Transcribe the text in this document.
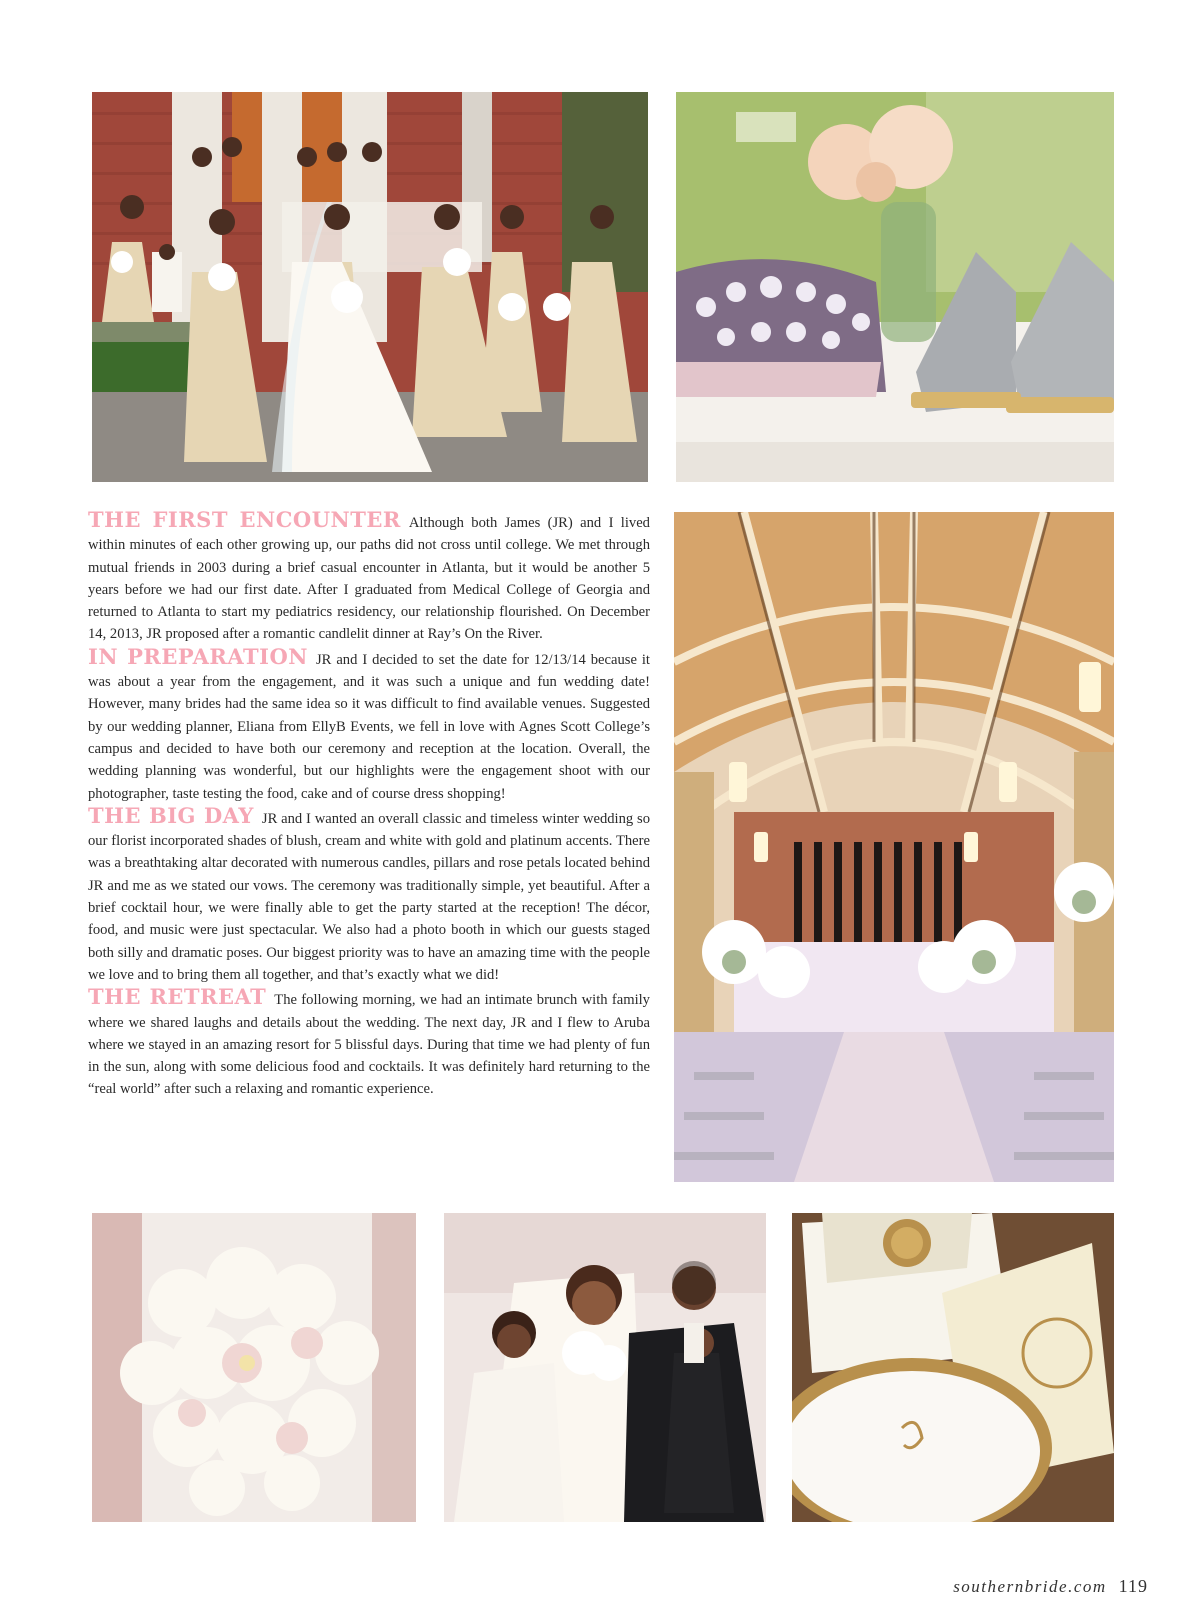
THE FIRST ENCOUNTER Although both James (JR) and I lived within minutes of each other growing up, our paths did not cross until college. We met through mutual friends in 2003 during a brief casual encounter in Atlanta, but it would be another 5 years before we had our first date. After I graduated from Medical College of Georgia and returned to Atlanta to start my pediatrics residency, our relationship flourished. On December 14, 2013, JR proposed after a romantic candlelit dinner at Ray’s On the River.

IN PREPARATION JR and I decided to set the date for 12/13/14 because it was about a year from the engagement, and it was such a unique and fun wedding date! However, many brides had the same idea so it was difficult to find available venues. Suggested by our wedding planner, Eliana from EllyB Events, we fell in love with Agnes Scott College’s campus and decided to have both our ceremony and reception at the location. Overall, the wedding planning was wonderful, but our highlights were the engagement shoot with our photographer, taste testing the food, cake and of course dress shopping!

THE BIG DAY JR and I wanted an overall classic and timeless winter wedding so our florist incorporated shades of blush, cream and white with gold and platinum accents. There was a breathtaking altar decorated with numerous candles, pillars and rose petals located behind JR and me as we stated our vows. The ceremony was traditionally simple, yet beautiful. After a brief cocktail hour, we were finally able to get the party started at the reception! The décor, food, and music were just spectacular. We also had a photo booth in which our guests staged both silly and dramatic poses. Our biggest priority was to have an amazing time with the people we love and to bring them all together, and that’s exactly what we did!

THE RETREAT The following morning, we had an intimate brunch with family where we shared laughs and details about the wedding. The next day, JR and I flew to Aruba where we stayed in an amazing resort for 5 blissful days. During that time we had plenty of fun in the sun, along with some delicious food and cocktails. It was definitely hard returning to the “real world” after such a relaxing and romantic experience.

southernbride.com 119
